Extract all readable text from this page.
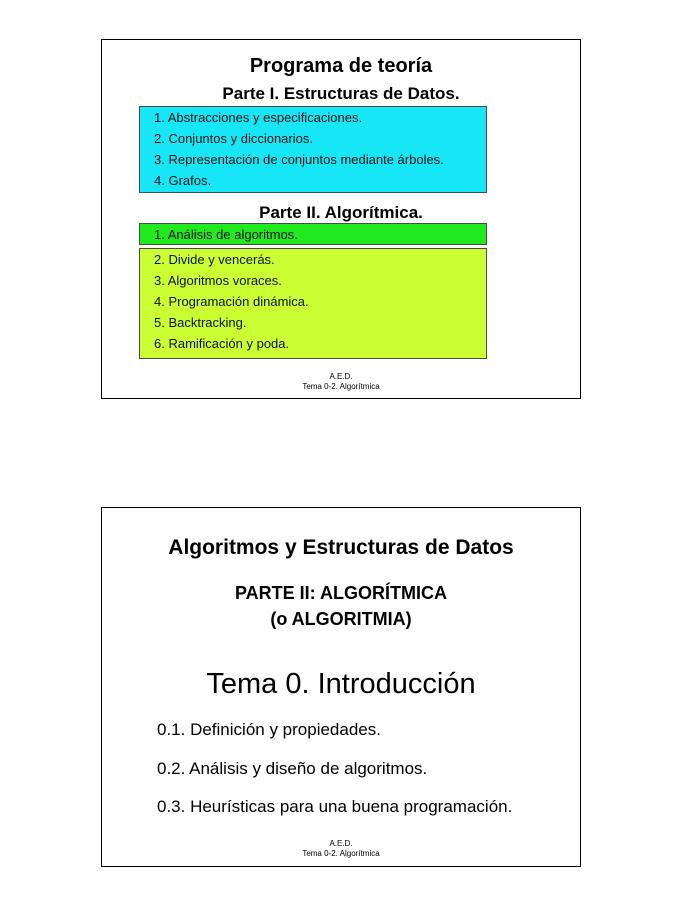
Programa de teoría
Parte I. Estructuras de Datos.
1. Abstracciones y especificaciones.
2. Conjuntos y diccionarios.
3. Representación de conjuntos mediante árboles.
4. Grafos.
Parte II. Algorítmica.
1. Análisis de algoritmos.
2. Divide y vencerás.
3. Algoritmos voraces.
4. Programación dinámica.
5. Backtracking.
6. Ramificación y poda.
A.E.D.
Tema 0-2. Algorítmica
Algoritmos y Estructuras de Datos
PARTE II: ALGORÍTMICA
(o ALGORITMIA)
Tema 0. Introducción
0.1. Definición y propiedades.
0.2. Análisis y diseño de algoritmos.
0.3. Heurísticas para una buena programación.
A.E.D.
Tema 0-2. Algorítmica
